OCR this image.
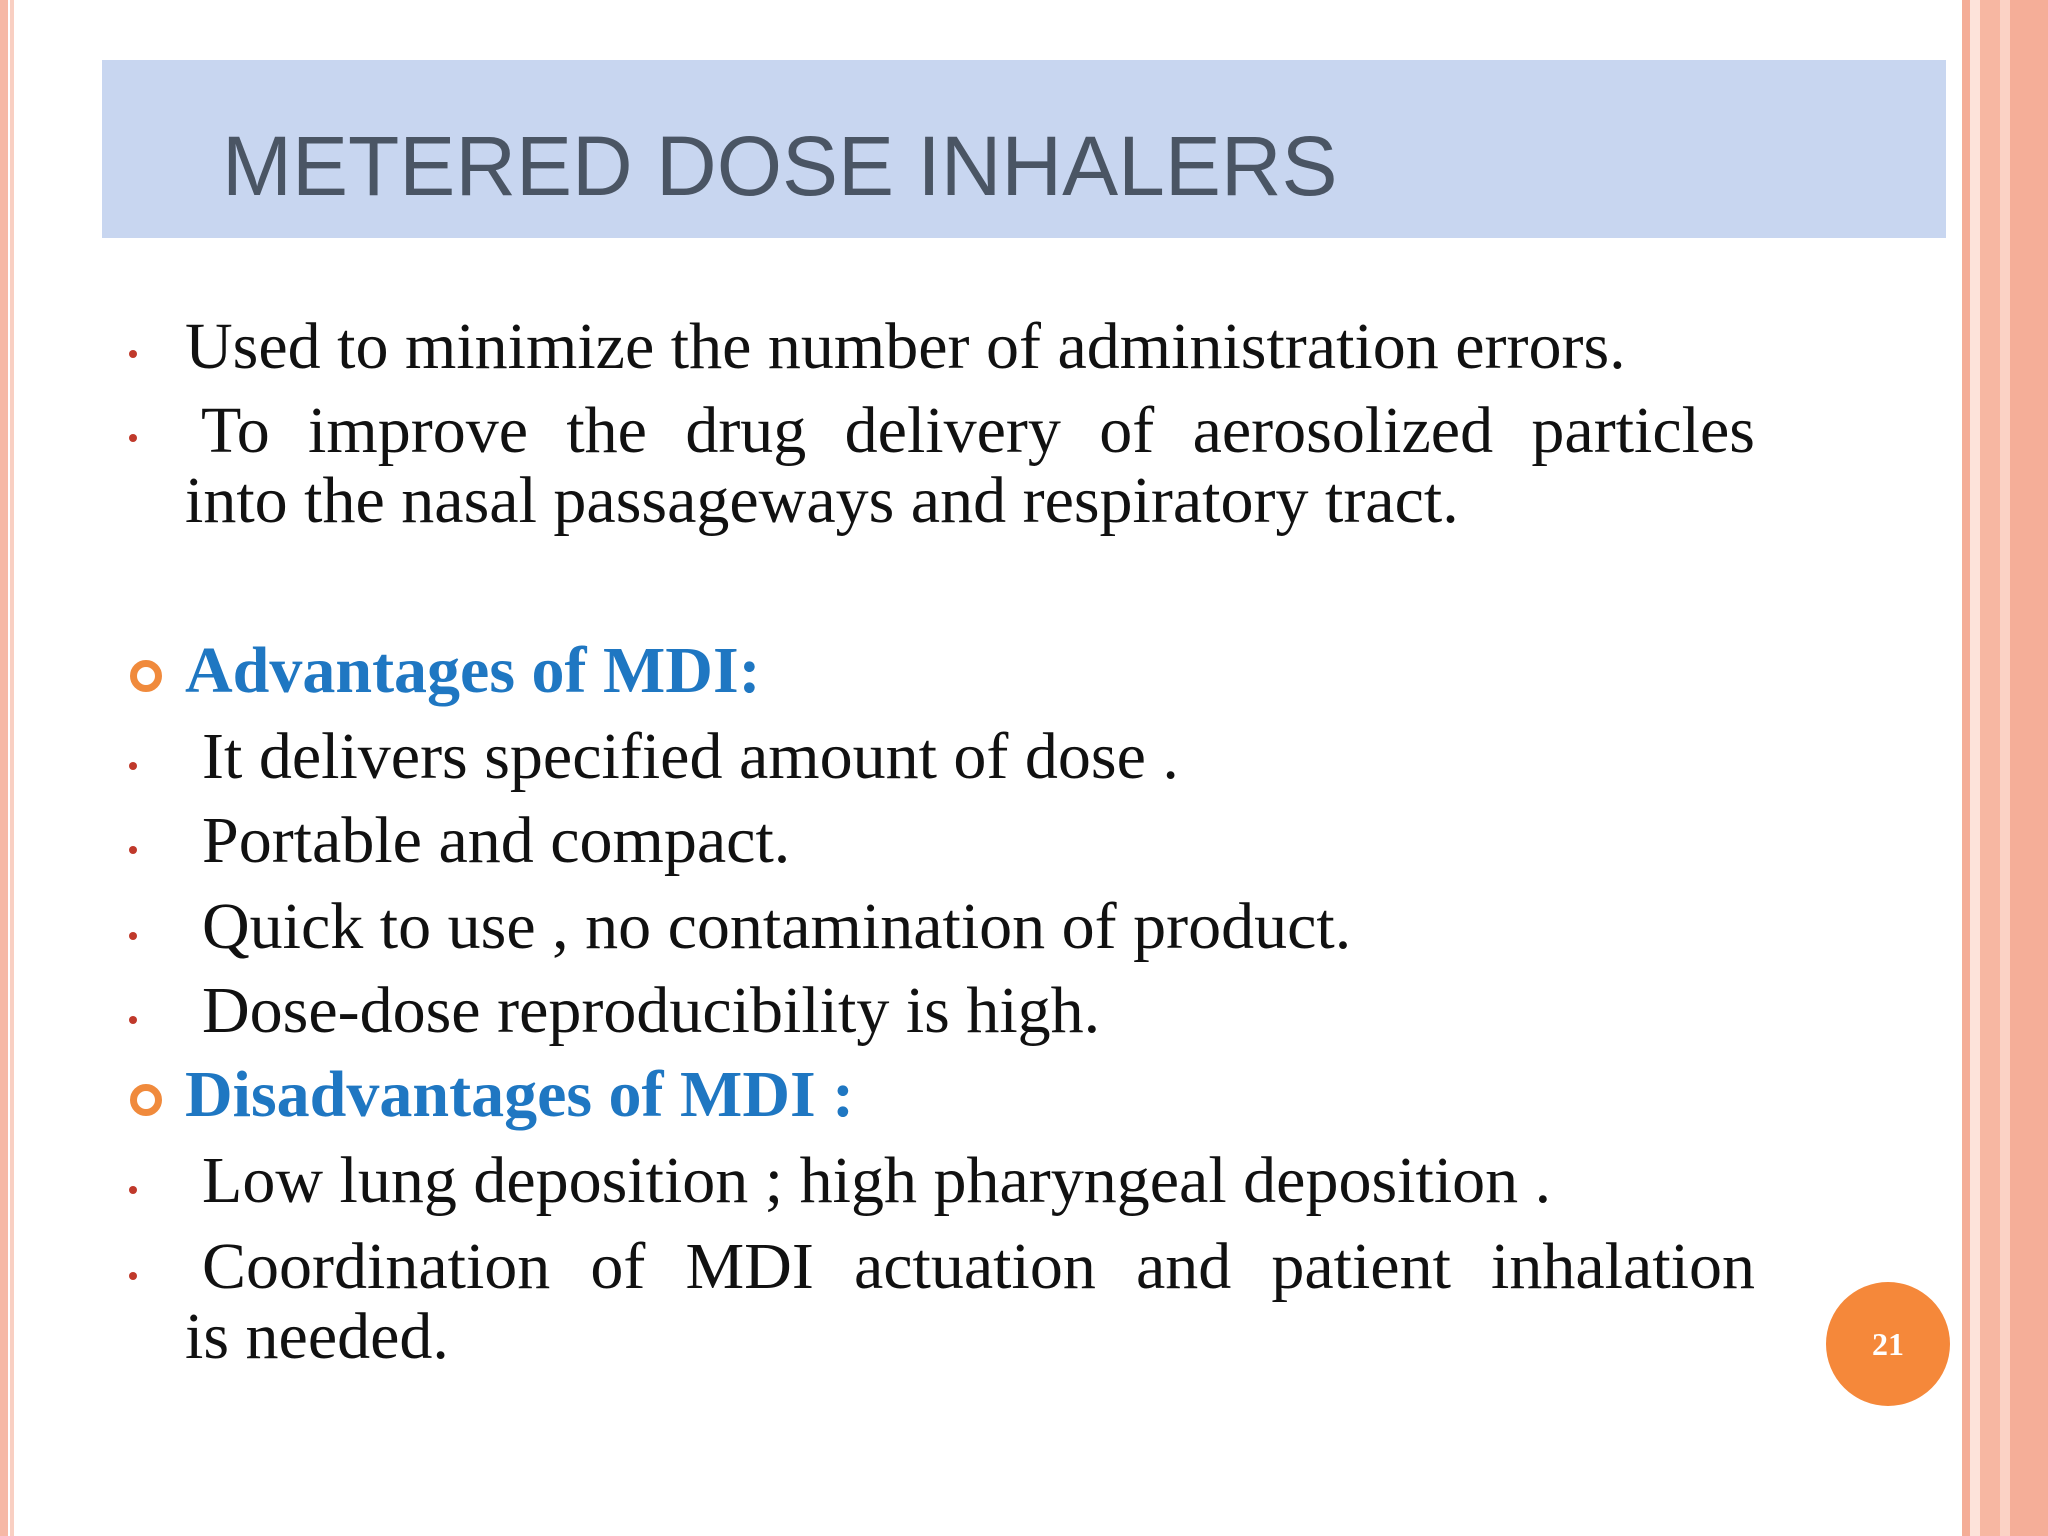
METERED DOSE INHALERS
Used to minimize the number of administration errors.
To improve the drug delivery of aerosolized particles
into the nasal passageways and respiratory tract.
Advantages of MDI:
It delivers specified amount of dose .
Portable and compact.
Quick to use , no contamination of product.
Dose-dose reproducibility is high.
Disadvantages of MDI :
Low lung deposition ; high pharyngeal deposition .
Coordination of MDI actuation and patient inhalation
is needed.	21
